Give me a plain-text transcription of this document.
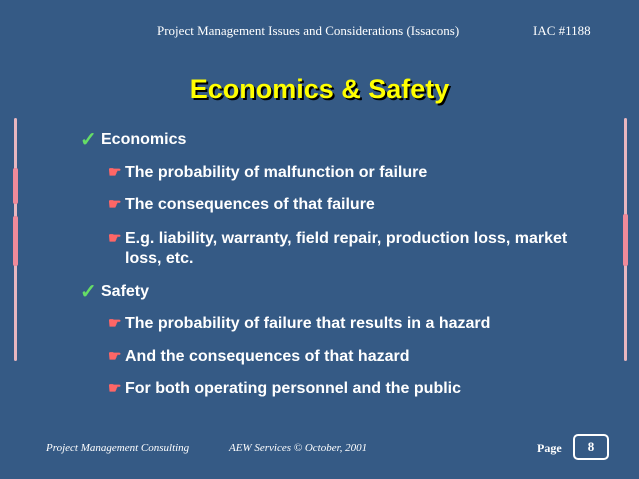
Project Management Issues and Considerations (Issacons)	IAC #1188
Economics & Safety
✓ Economics
☛ The probability of malfunction or failure
☛ The consequences of that failure
☛ E.g. liability, warranty, field repair, production loss, market loss, etc.
✓ Safety
☛ The probability of failure that results in a hazard
☛ And the consequences of that hazard
☛ For both operating personnel and the public
Project Management Consulting	AEW Services © October, 2001	Page	8
